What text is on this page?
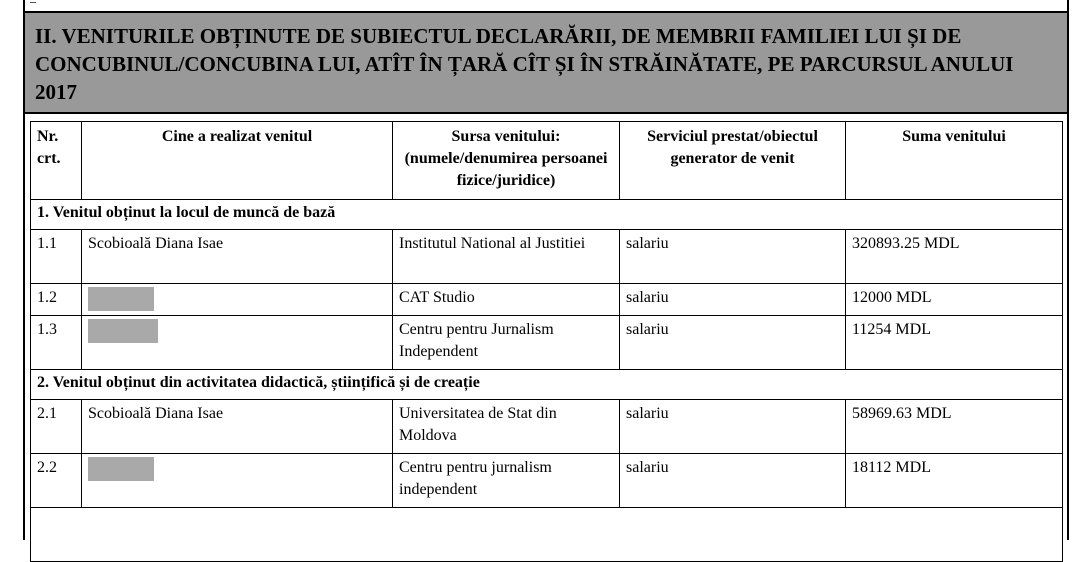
II. VENITURILE OBȚINUTE DE SUBIECTUL DECLARĂRII, DE MEMBRII FAMILIEI LUI ȘI DE CONCUBINUL/CONCUBINA LUI, ATÎT ÎN ȚARĂ CÎT ȘI ÎN STRĂINĂTATE, PE PARCURSUL ANULUI 2017
Nr. crt.	Cine a realizat venitul	Sursa venitului: (numele/denumirea persoanei fizice/juridice)	Serviciul prestat/obiectul generator de venit	Suma venitului
1. Venitul obținut la locul de muncă de bază				
1.1	Scobioală Diana Isae	Institutul National al Justitiei	salariu	320893.25 MDL
1.2		CAT Studio	salariu	12000 MDL
1.3		Centru pentru Jurnalism Independent	salariu	11254 MDL
2. Venitul obținut din activitatea didactică, științifică și de creație				
2.1	Scobioală Diana Isae	Universitatea de Stat din Moldova	salariu	58969.63 MDL
2.2		Centru pentru jurnalism independent	salariu	18112 MDL
